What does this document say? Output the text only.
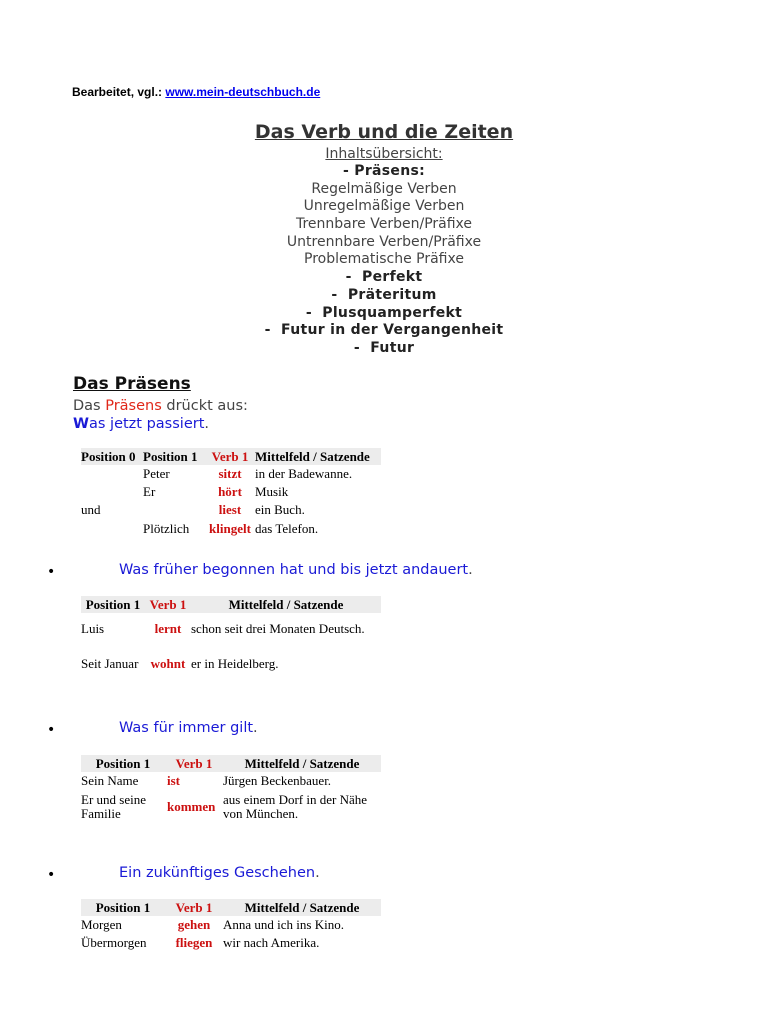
Bearbeitet, vgl.: www.mein-deutschbuch.de
Das Verb und die Zeiten
Inhaltsübersicht:
- Präsens:
Regelmäßige Verben
Unregelmäßige Verben
Trennbare Verben/Präfixe
Untrennbare Verben/Präfixe
Problematische Präfixe
-  Perfekt
-  Präteritum
-  Plusquamperfekt
-  Futur in der Vergangenheit
-  Futur
Das Präsens
Das Präsens drückt aus:
Was jetzt passiert.
Position 0	Position 1	Verb 1	Mittelfeld / Satzende
	Peter	sitzt	in der Badewanne.
	Er	hört	Musik
und		liest	ein Buch.
	Plötzlich	klingelt	das Telefon.
•	Was früher begonnen hat und bis jetzt andauert.
Position 1	Verb 1	Mittelfeld / Satzende
Luis	lernt	schon seit drei Monaten Deutsch.
Seit Januar	wohnt	er in Heidelberg.
•	Was für immer gilt.
Position 1	Verb 1	Mittelfeld / Satzende
Sein Name	ist	Jürgen Beckenbauer.
Er und seine Familie	kommen	aus einem Dorf in der Nähe von München.
•	Ein zukünftiges Geschehen.
Position 1	Verb 1	Mittelfeld / Satzende
Morgen	gehen	Anna und ich ins Kino.
Übermorgen	fliegen	wir nach Amerika.
